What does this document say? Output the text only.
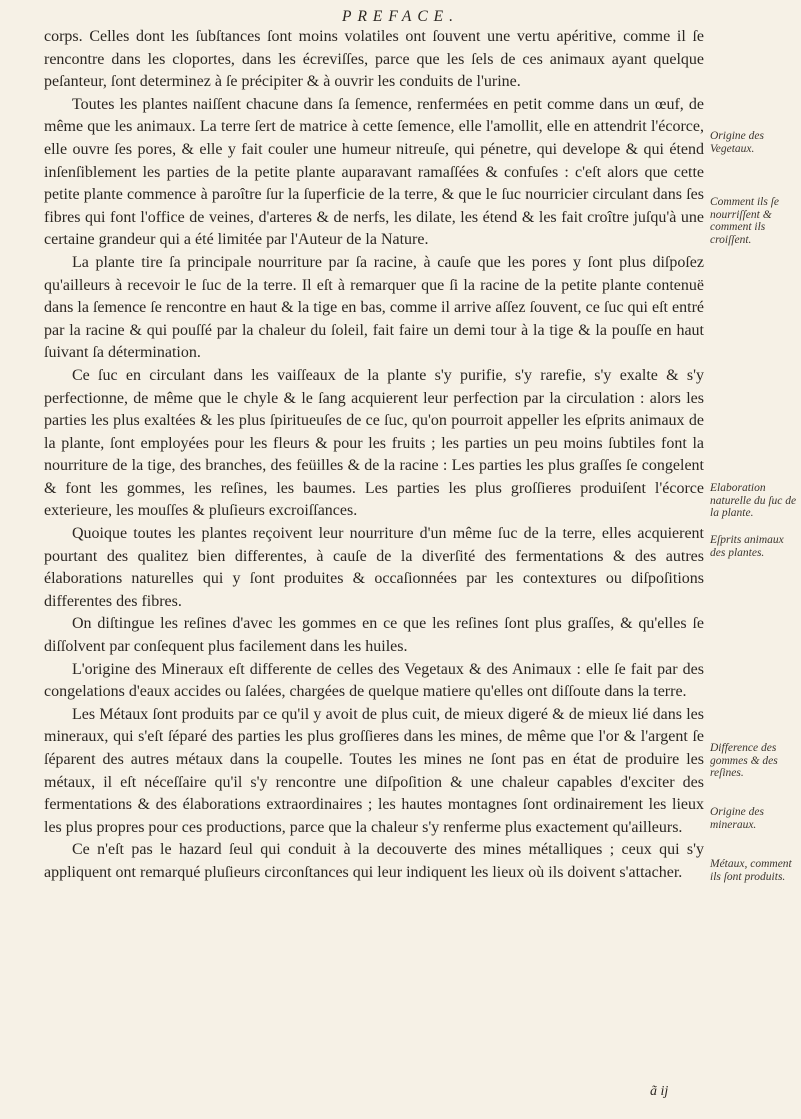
PREFACE.

corps. Celles dont les ſubſtances ſont moins volatiles ont ſouvent une vertu apéritive, comme il ſe rencontre dans les cloportes, dans les écreviſſes, parce que les ſels de ces animaux ayant quelque peſanteur, ſont determinez à ſe précipiter & à ouvrir les conduits de l'urine.

Toutes les plantes naiſſent chacune dans ſa ſemence, renfermées en petit comme dans un œuf, de même que les animaux. La terre ſert de matrice à cette ſemence, elle l'amollit, elle en attendrit l'écorce, elle ouvre ſes pores, & elle y fait couler une humeur nitreuſe, qui pénetre, qui develope & qui étend inſenſiblement les parties de la petite plante auparavant ramaſſées & confuſes : c'eſt alors que cette petite plante commence à paroître ſur la ſuperficie de la terre, & que le ſuc nourricier circulant dans ſes fibres qui font l'office de veines, d'arteres & de nerfs, les dilate, les étend & les fait croître juſqu'à une certaine grandeur qui a été limitée par l'Auteur de la Nature.

La plante tire ſa principale nourriture par ſa racine, à cauſe que les pores y ſont plus diſpoſez qu'ailleurs à recevoir le ſuc de la terre. Il eſt à remarquer que ſi la racine de la petite plante contenuë dans la ſemence ſe rencontre en haut & la tige en bas, comme il arrive aſſez ſouvent, ce ſuc qui eſt entré par la racine & qui pouſſé par la chaleur du ſoleil, fait faire un demi tour à la tige & la pouſſe en haut ſuivant ſa détermination.

Ce ſuc en circulant dans les vaiſſeaux de la plante s'y purifie, s'y rarefie, s'y exalte & s'y perfectionne, de même que le chyle & le ſang acquierent leur perfection par la circulation : alors les parties les plus exaltées & les plus ſpiritueuſes de ce ſuc, qu'on pourroit appeller les eſprits animaux de la plante, ſont employées pour les fleurs & pour les fruits ; les parties un peu moins ſubtiles font la nourriture de la tige, des branches, des feüilles & de la racine : Les parties les plus graſſes ſe congelent & font les gommes, les reſines, les baumes. Les parties les plus groſſieres produiſent l'écorce exterieure, les mouſſes & pluſieurs excroiſſances.

Quoique toutes les plantes reçoivent leur nourriture d'un même ſuc de la terre, elles acquierent pourtant des qualitez bien differentes, à cauſe de la diverſité des fermentations & des autres élaborations naturelles qui y ſont produites & occaſionnées par les contextures ou diſpoſitions differentes des fibres.

On diſtingue les reſines d'avec les gommes en ce que les reſines ſont plus graſſes, & qu'elles ſe diſſolvent par conſequent plus facilement dans les huiles.

L'origine des Mineraux eſt differente de celles des Vegetaux & des Animaux : elle ſe fait par des congelations d'eaux accides ou ſalées, chargées de quelque matiere qu'elles ont diſſoute dans la terre.

Les Métaux ſont produits par ce qu'il y avoit de plus cuit, de mieux digeré & de mieux lié dans les mineraux, qui s'eſt ſéparé des parties les plus groſſieres dans les mines, de même que l'or & l'argent ſe ſéparent des autres métaux dans la coupelle. Toutes les mines ne ſont pas en état de produire les métaux, il eſt néceſſaire qu'il s'y rencontre une diſpoſition & une chaleur capables d'exciter des fermentations & des élaborations extraordinaires ; les hautes montagnes ſont ordinairement les lieux les plus propres pour ces productions, parce que la chaleur s'y renferme plus exactement qu'ailleurs.

Ce n'eſt pas le hazard ſeul qui conduit à la decouverte des mines métalliques ; ceux qui s'y appliquent ont remarqué pluſieurs circonſtances qui leur indiquent les lieux où ils doivent s'attacher.

Origine des Vegetaux.
Comment ils ſe nourriſſent & comment ils croiſſent.
Elaboration naturelle du ſuc de la plante.
Eſprits animaux des plantes.
Difference des gommes & des reſines.
Origine des mineraux.
Métaux, comment ils ſont produits.
ã ij
